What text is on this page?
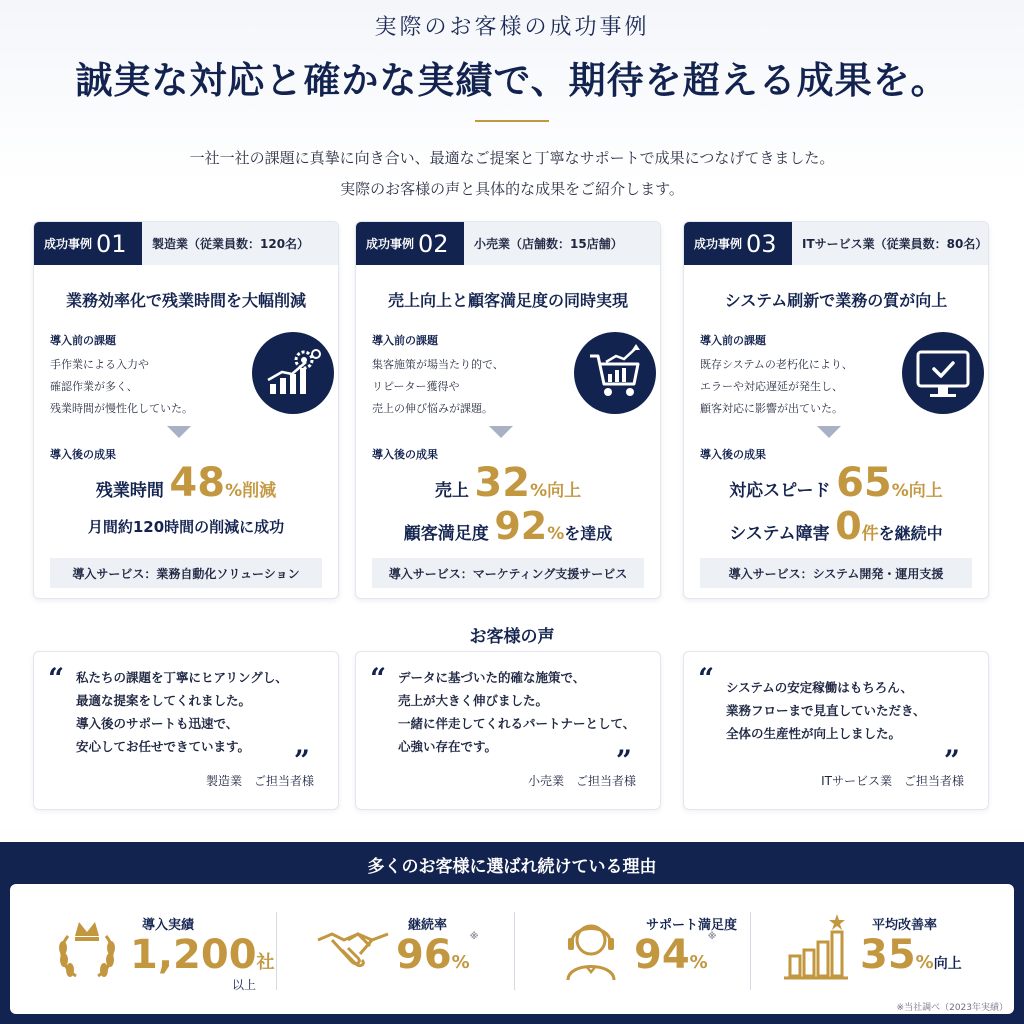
実際のお客様の成功事例
誠実な対応と確かな実績で、期待を超える成果を。
一社一社の課題に真摯に向き合い、最適なご提案と丁寧なサポートで成果につなげてきました。
実際のお客様の声と具体的な成果をご紹介します。
成功事例 01 製造業（従業員数：120名）
業務効率化で残業時間を大幅削減
導入前の課題
手作業による入力や
確認作業が多く、
残業時間が慢性化していた。
導入後の成果
残業時間 48%削減
月間約120時間の削減に成功
導入サービス：業務自動化ソリューション
成功事例 02 小売業（店舗数：15店舗）
売上向上と顧客満足度の同時実現
導入前の課題
集客施策が場当たり的で、
リピーター獲得や
売上の伸び悩みが課題。
導入後の成果
売上 32%向上
顧客満足度 92%を達成
導入サービス：マーケティング支援サービス
成功事例 03 ITサービス業（従業員数：80名）
システム刷新で業務の質が向上
導入前の課題
既存システムの老朽化により、
エラーや対応遅延が発生し、
顧客対応に影響が出ていた。
導入後の成果
対応スピード 65%向上
システム障害 0件を継続中
導入サービス：システム開発・運用支援
お客様の声
“ 私たちの課題を丁寧にヒアリングし、
最適な提案をしてくれました。
導入後のサポートも迅速で、
安心してお任せできています。	”
製造業　ご担当者様
“ データに基づいた的確な施策で、
売上が大きく伸びました。
一緒に伴走してくれるパートナーとして、
心強い存在です。	”
小売業　ご担当者様
“ システムの安定稼働はもちろん、
業務フローまで見直していただき、
全体の生産性が向上しました。
”
ITサービス業　ご担当者様
多くのお客様に選ばれ続けている理由
導入実績
1,200社
以上
継続率
96%※
サポート満足度
94%※
平均改善率
35%向上
※当社調べ（2023年実績）
